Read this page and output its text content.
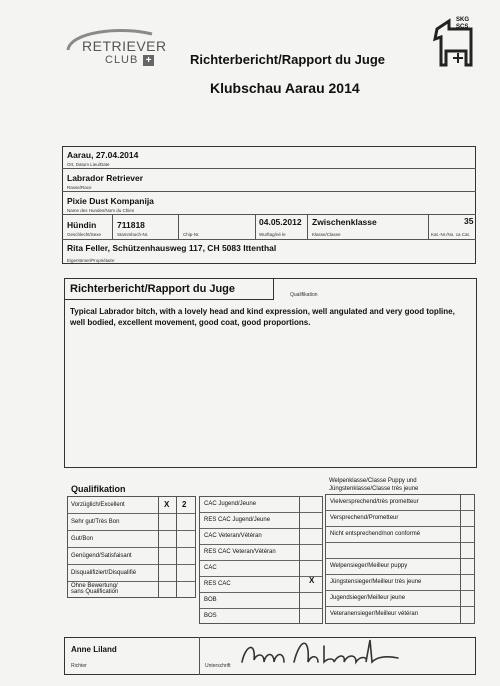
RETRIEVER
CLUB +
SKG
SCS
Richterbericht/Rapport du Juge
Klubschau Aarau 2014
Aarau, 27.04.2014
Ort, Datum Lieu/Date
Labrador Retriever
Rasse/Race
Pixie Dust Kompanija
Name des Hundes/Nom du Chien
Hündin
Geschlecht/Sexe
711818
Stammbuch-Nr.	Chip-Nr.
04.05.2012
Wurftag/né le
Zwischenklasse
Klasse/Classe
35
Kat.-Nr./No. ca Cat.
Rita Feller, Schützenhausweg 117, CH 5083 Ittenthal
Eigentümer/Propriétaire
Richterbericht/Rapport du Juge	Qualifikation
Typical Labrador bitch, with a lovely head and kind expression, well angulated and very good topline,
well bodied, excellent movement, good coat, good proportions.
Qualifikation
Vorzüglich/Excellent	X 2
Sehr gut/Très Bon
Gut/Bon
Genügend/Satisfaisant
Disqualifiziert/Disqualifié
Ohne Bewertung/
sans Qualification
CAC Jugend/Jeune
RES CAC Jugend/Jeune
CAC Veteran/Vétéran
RES CAC Veteran/Vétéran
CAC
RES CAC	X
BOB
BOS
Welpenklasse/Classe Puppy und
Jüngstenklasse/Classe très jeune
Vielversprechend/très prometteur
Versprechend/Prometteur
Nicht entsprechend/non conformé
Welpensieger/Meilleur puppy
Jüngstensieger/Meilleur très jeune
Jugendsieger/Meilleur jeune
Veteranensieger/Meilleur vétéran
Anne Liland
Richter	Unterschrift
